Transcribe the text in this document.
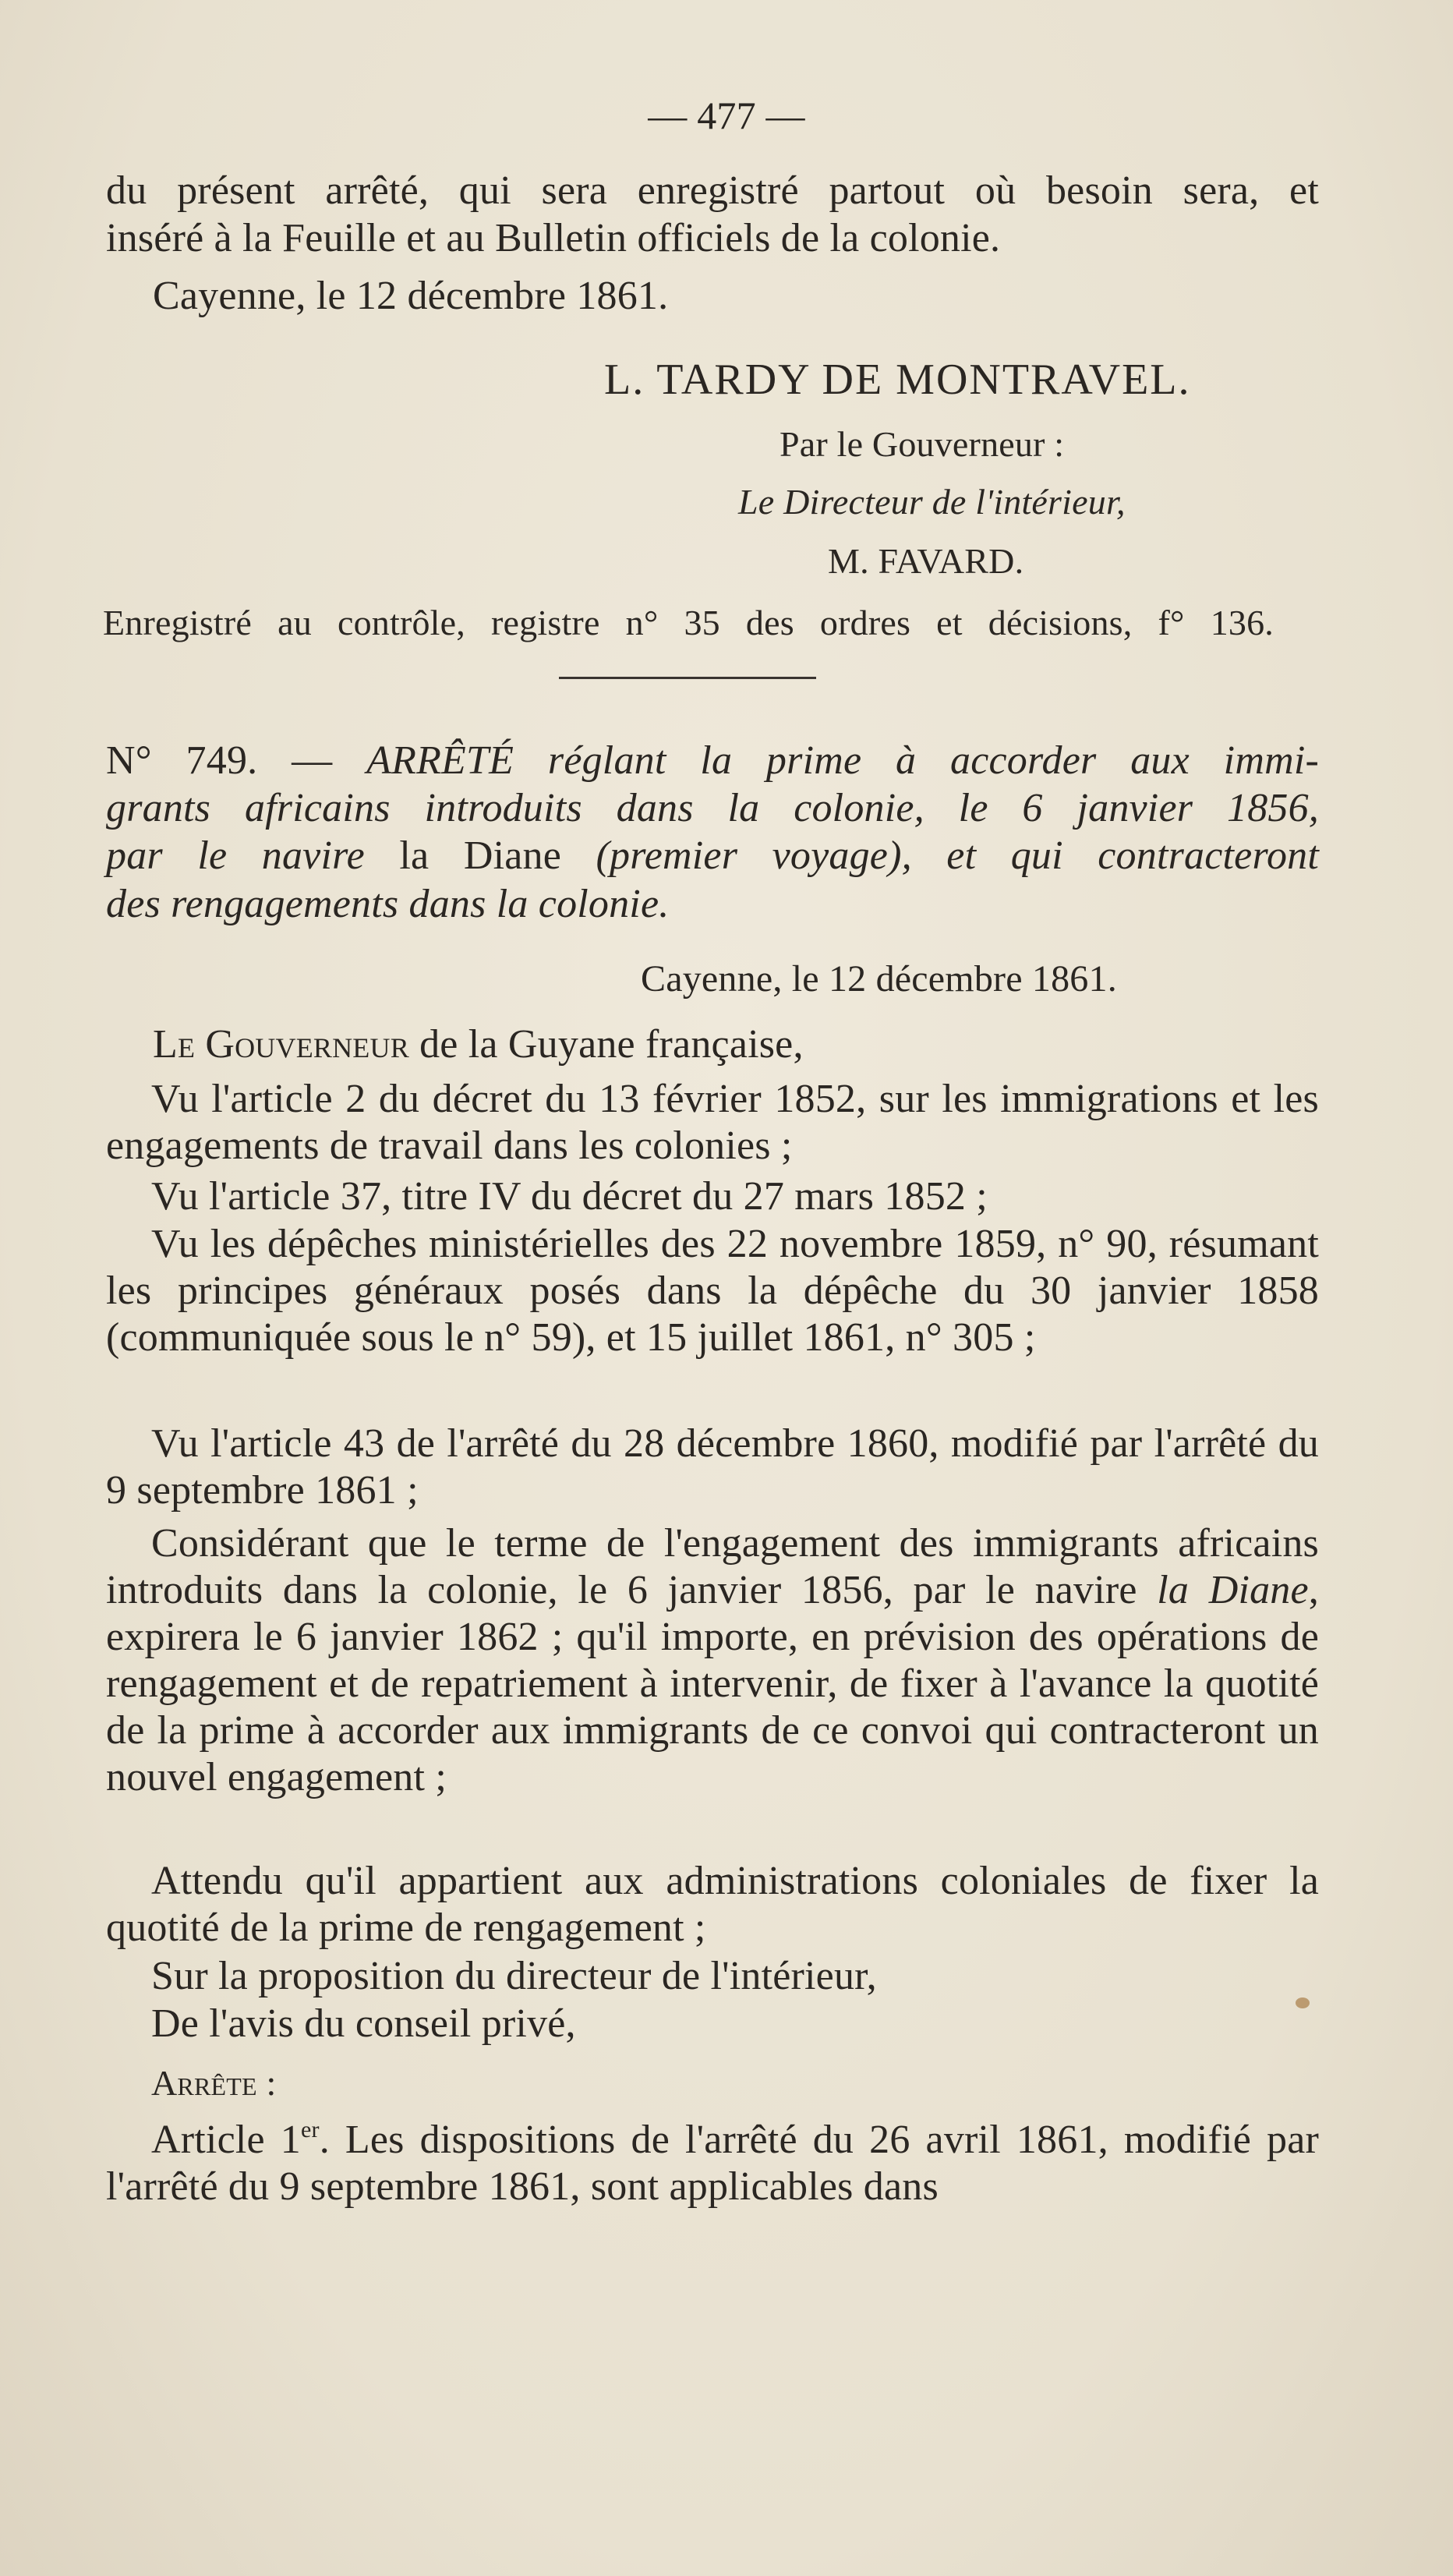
— 477 —
du présent arrêté, qui sera enregistré partout où besoin sera, et
inséré à la Feuille et au Bulletin officiels de la colonie.
Cayenne, le 12 décembre 1861.
L. TARDY DE MONTRAVEL.
Par le Gouverneur :
Le Directeur de l'intérieur,
M. FAVARD.
Enregistré au contrôle, registre n° 35 des ordres et décisions, f° 136.
N° 749. — ARRÊTÉ réglant la prime à accorder aux immi-
grants africains introduits dans la colonie, le 6 janvier 1856,
par le navire la Diane (premier voyage), et qui contracteront
des rengagements dans la colonie.
Cayenne, le 12 décembre 1861.
Le Gouverneur de la Guyane française,
Vu l'article 2 du décret du 13 février 1852, sur les immigrations et les engagements de travail dans les colonies ;
Vu l'article 37, titre IV du décret du 27 mars 1852 ;
Vu les dépêches ministérielles des 22 novembre 1859, n° 90, résumant les principes généraux posés dans la dépêche du 30 janvier 1858 (communiquée sous le n° 59), et 15 juillet 1861, n° 305 ;
Vu l'article 43 de l'arrêté du 28 décembre 1860, modifié par l'arrêté du 9 septembre 1861 ;
Considérant que le terme de l'engagement des immigrants africains introduits dans la colonie, le 6 janvier 1856, par le navire la Diane, expirera le 6 janvier 1862 ; qu'il importe, en prévision des opérations de rengagement et de repatriement à intervenir, de fixer à l'avance la quotité de la prime à accorder aux immigrants de ce convoi qui contracteront un nouvel engagement ;
Attendu qu'il appartient aux administrations coloniales de fixer la quotité de la prime de rengagement ;
Sur la proposition du directeur de l'intérieur,
De l'avis du conseil privé,
Arrête :
Article 1er. Les dispositions de l'arrêté du 26 avril 1861, modifié par l'arrêté du 9 septembre 1861, sont applicables dans
